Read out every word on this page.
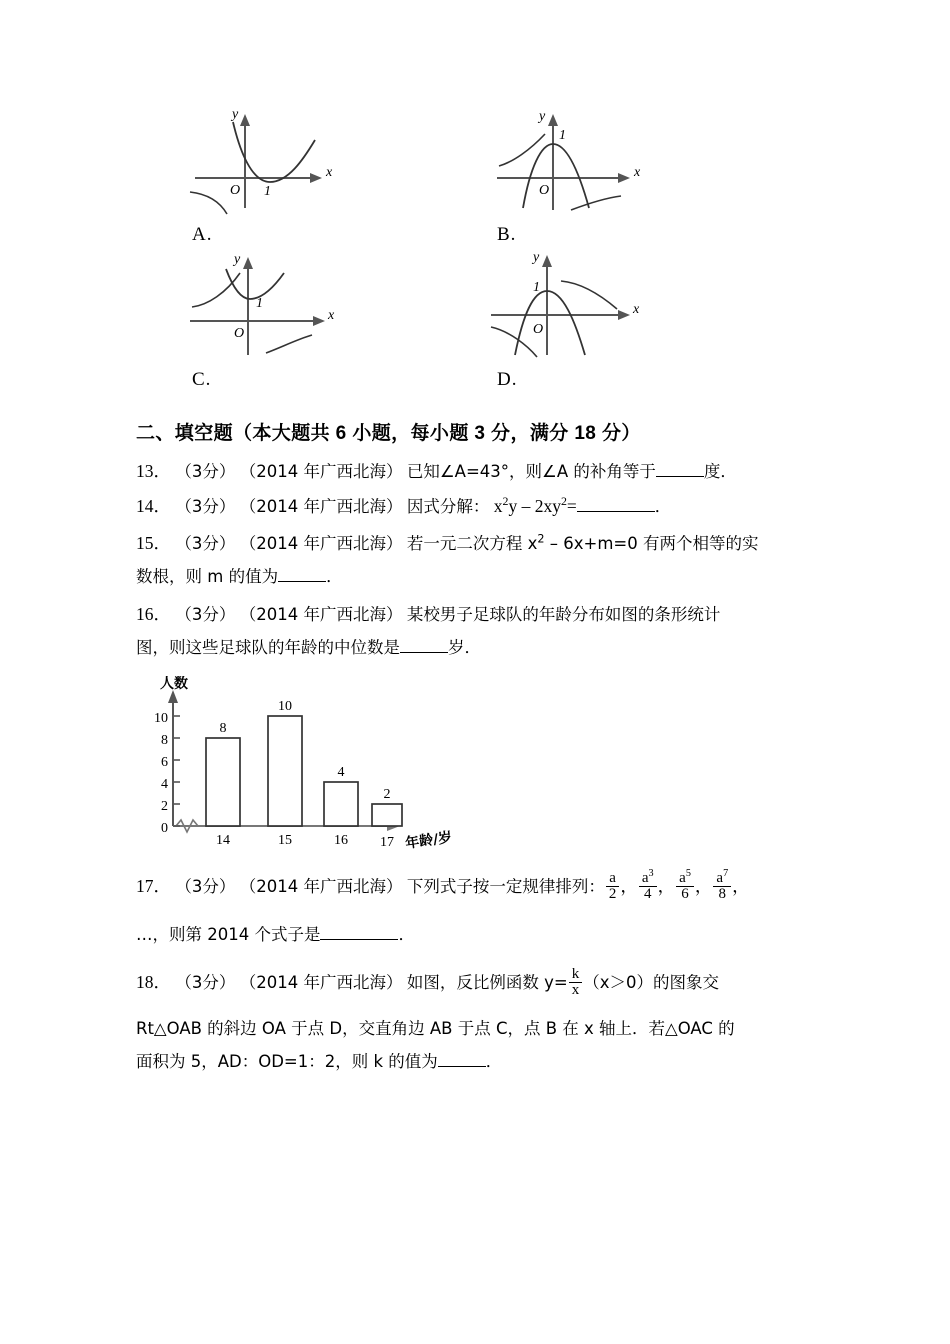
O 1
x
y
A.
O
1
x
y
B.
O
1
x
y
C.
O
1
x
y
D.
二、填空题（本大题共 6 小题，每小题 3 分，满分 18 分）
13． （3分） （2014 年广西北海） 已知∠A=43°，则∠A 的补角等于	度．
14． （3分） （2014 年广西北海） 因式分解： $x^2y - 2xy^2=$	．
15． （3分） （2014 年广西北海） 若一元二次方程 $x^2 - 6x+m=0$ 有两个相等的实
数根，则 m 的值为	．
16． （3分） （2014 年广西北海） 某校男子足球队的年龄分布如图的条形统计
图，则这些足球队的年龄的中位数是	岁．
0
2
4
6
8
10
人数
8
10
4
2
14	15	16 17 年龄/岁
17． （3分） （2014 年广西北海） 下列式子按一定规律排列： $\frac{a}{2}$ ， $\frac{a^3}{4}$ ， $\frac{a^5}{6}$ ， $\frac{a^7}{8}$ ，
…，则第 2014 个式子是	．
18． （3分） （2014 年广西北海） 如图，反比例函数 $y= \frac{k}{x} (x>0)$的图象交
Rt△OAB 的斜边 OA 于点 D，交直角边 AB 于点 C，点 B 在 x 轴上．若△OAC 的
面积为 5，AD：OD=1：2，则 k 的值为	．
